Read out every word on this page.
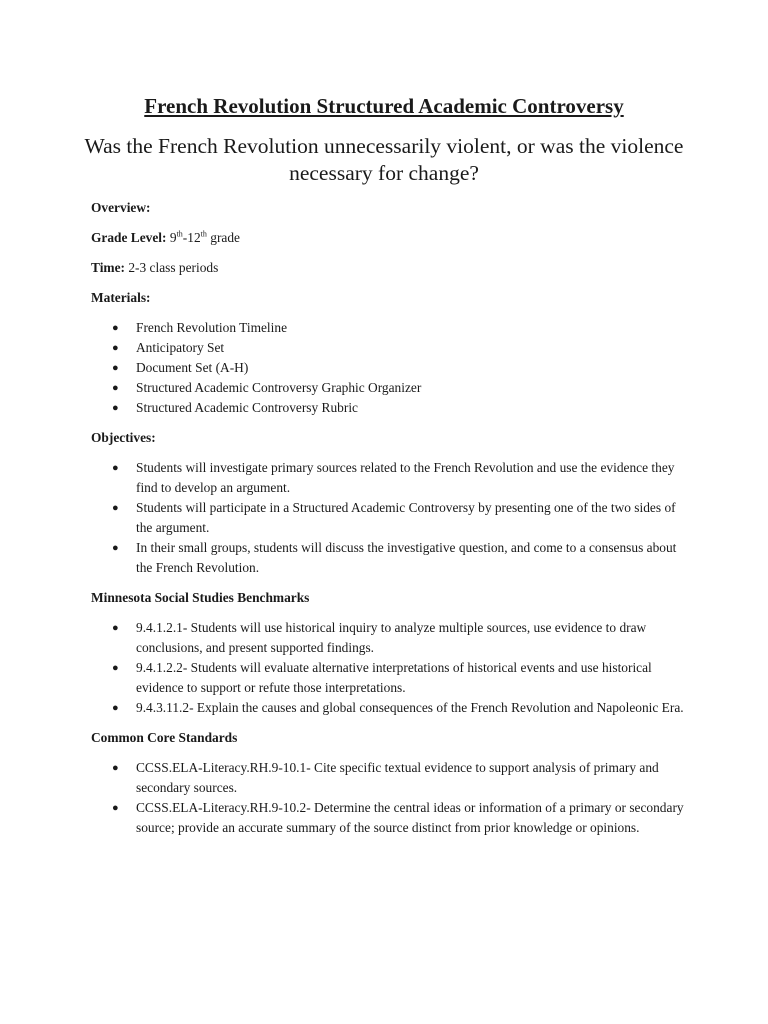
French Revolution Structured Academic Controversy
Was the French Revolution unnecessarily violent, or was the violence necessary for change?

Overview:

Grade Level: 9th-12th grade

Time: 2-3 class periods

Materials:

● French Revolution Timeline
● Anticipatory Set
● Document Set (A-H)
● Structured Academic Controversy Graphic Organizer
● Structured Academic Controversy Rubric

Objectives:

● Students will investigate primary sources related to the French Revolution and use the evidence they find to develop an argument.
● Students will participate in a Structured Academic Controversy by presenting one of the two sides of the argument.
● In their small groups, students will discuss the investigative question, and come to a consensus about the French Revolution.

Minnesota Social Studies Benchmarks

● 9.4.1.2.1- Students will use historical inquiry to analyze multiple sources, use evidence to draw conclusions, and present supported findings.
● 9.4.1.2.2- Students will evaluate alternative interpretations of historical events and use historical evidence to support or refute those interpretations.
● 9.4.3.11.2- Explain the causes and global consequences of the French Revolution and Napoleonic Era.

Common Core Standards

● CCSS.ELA-Literacy.RH.9-10.1- Cite specific textual evidence to support analysis of primary and secondary sources.
● CCSS.ELA-Literacy.RH.9-10.2- Determine the central ideas or information of a primary or secondary source; provide an accurate summary of the source distinct from prior knowledge or opinions.
